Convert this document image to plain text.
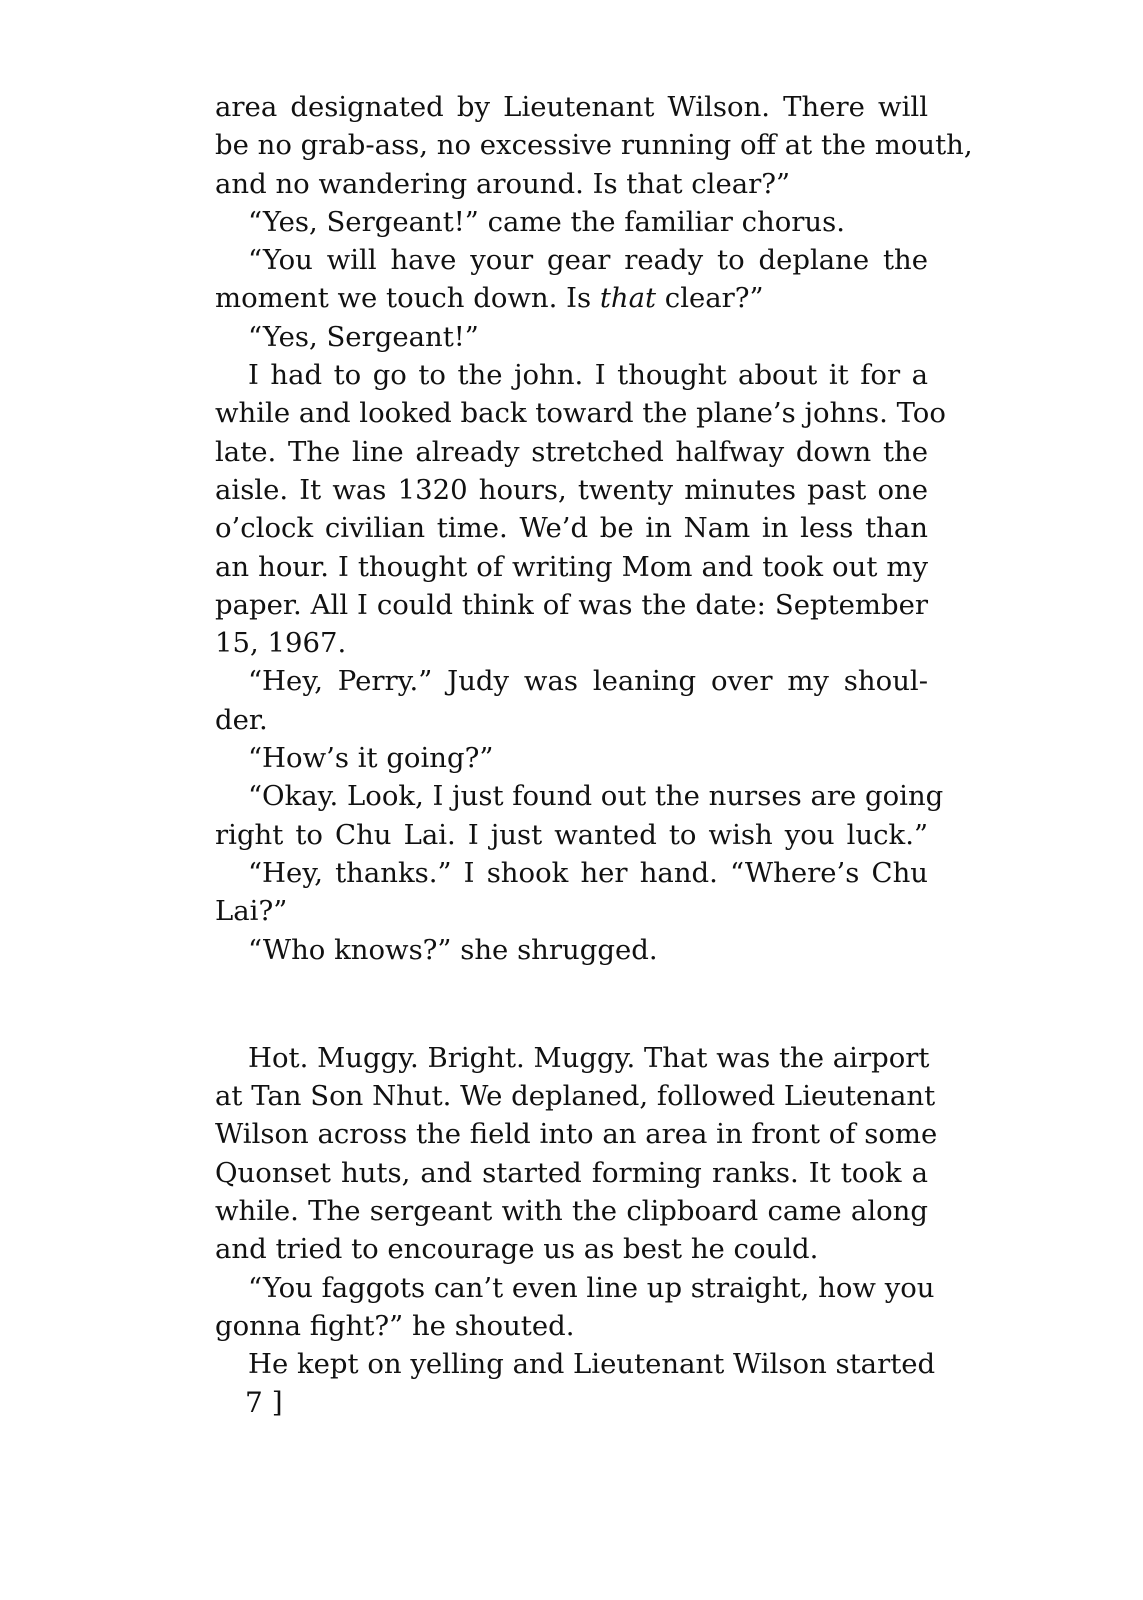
area designated by Lieutenant Wilson. There will
be no grab-ass, no excessive running off at the mouth,
and no wandering around. Is that clear?”
“Yes, Sergeant!” came the familiar chorus.
“You will have your gear ready to deplane the
moment we touch down. Is that clear?”
“Yes, Sergeant!”
I had to go to the john. I thought about it for a
while and looked back toward the plane’s johns. Too
late. The line already stretched halfway down the
aisle. It was 1320 hours, twenty minutes past one
o’clock civilian time. We’d be in Nam in less than
an hour. I thought of writing Mom and took out my
paper. All I could think of was the date: September
15, 1967.
“Hey, Perry.” Judy was leaning over my shoul-
der.
“How’s it going?”
“Okay. Look, I just found out the nurses are going
right to Chu Lai. I just wanted to wish you luck.”
“Hey, thanks.” I shook her hand. “Where’s Chu
Lai?”
“Who knows?” she shrugged.
Hot. Muggy. Bright. Muggy. That was the airport
at Tan Son Nhut. We deplaned, followed Lieutenant
Wilson across the field into an area in front of some
Quonset huts, and started forming ranks. It took a
while. The sergeant with the clipboard came along
and tried to encourage us as best he could.
“You faggots can’t even line up straight, how you
gonna fight?” he shouted.
He kept on yelling and Lieutenant Wilson started
7 ]
